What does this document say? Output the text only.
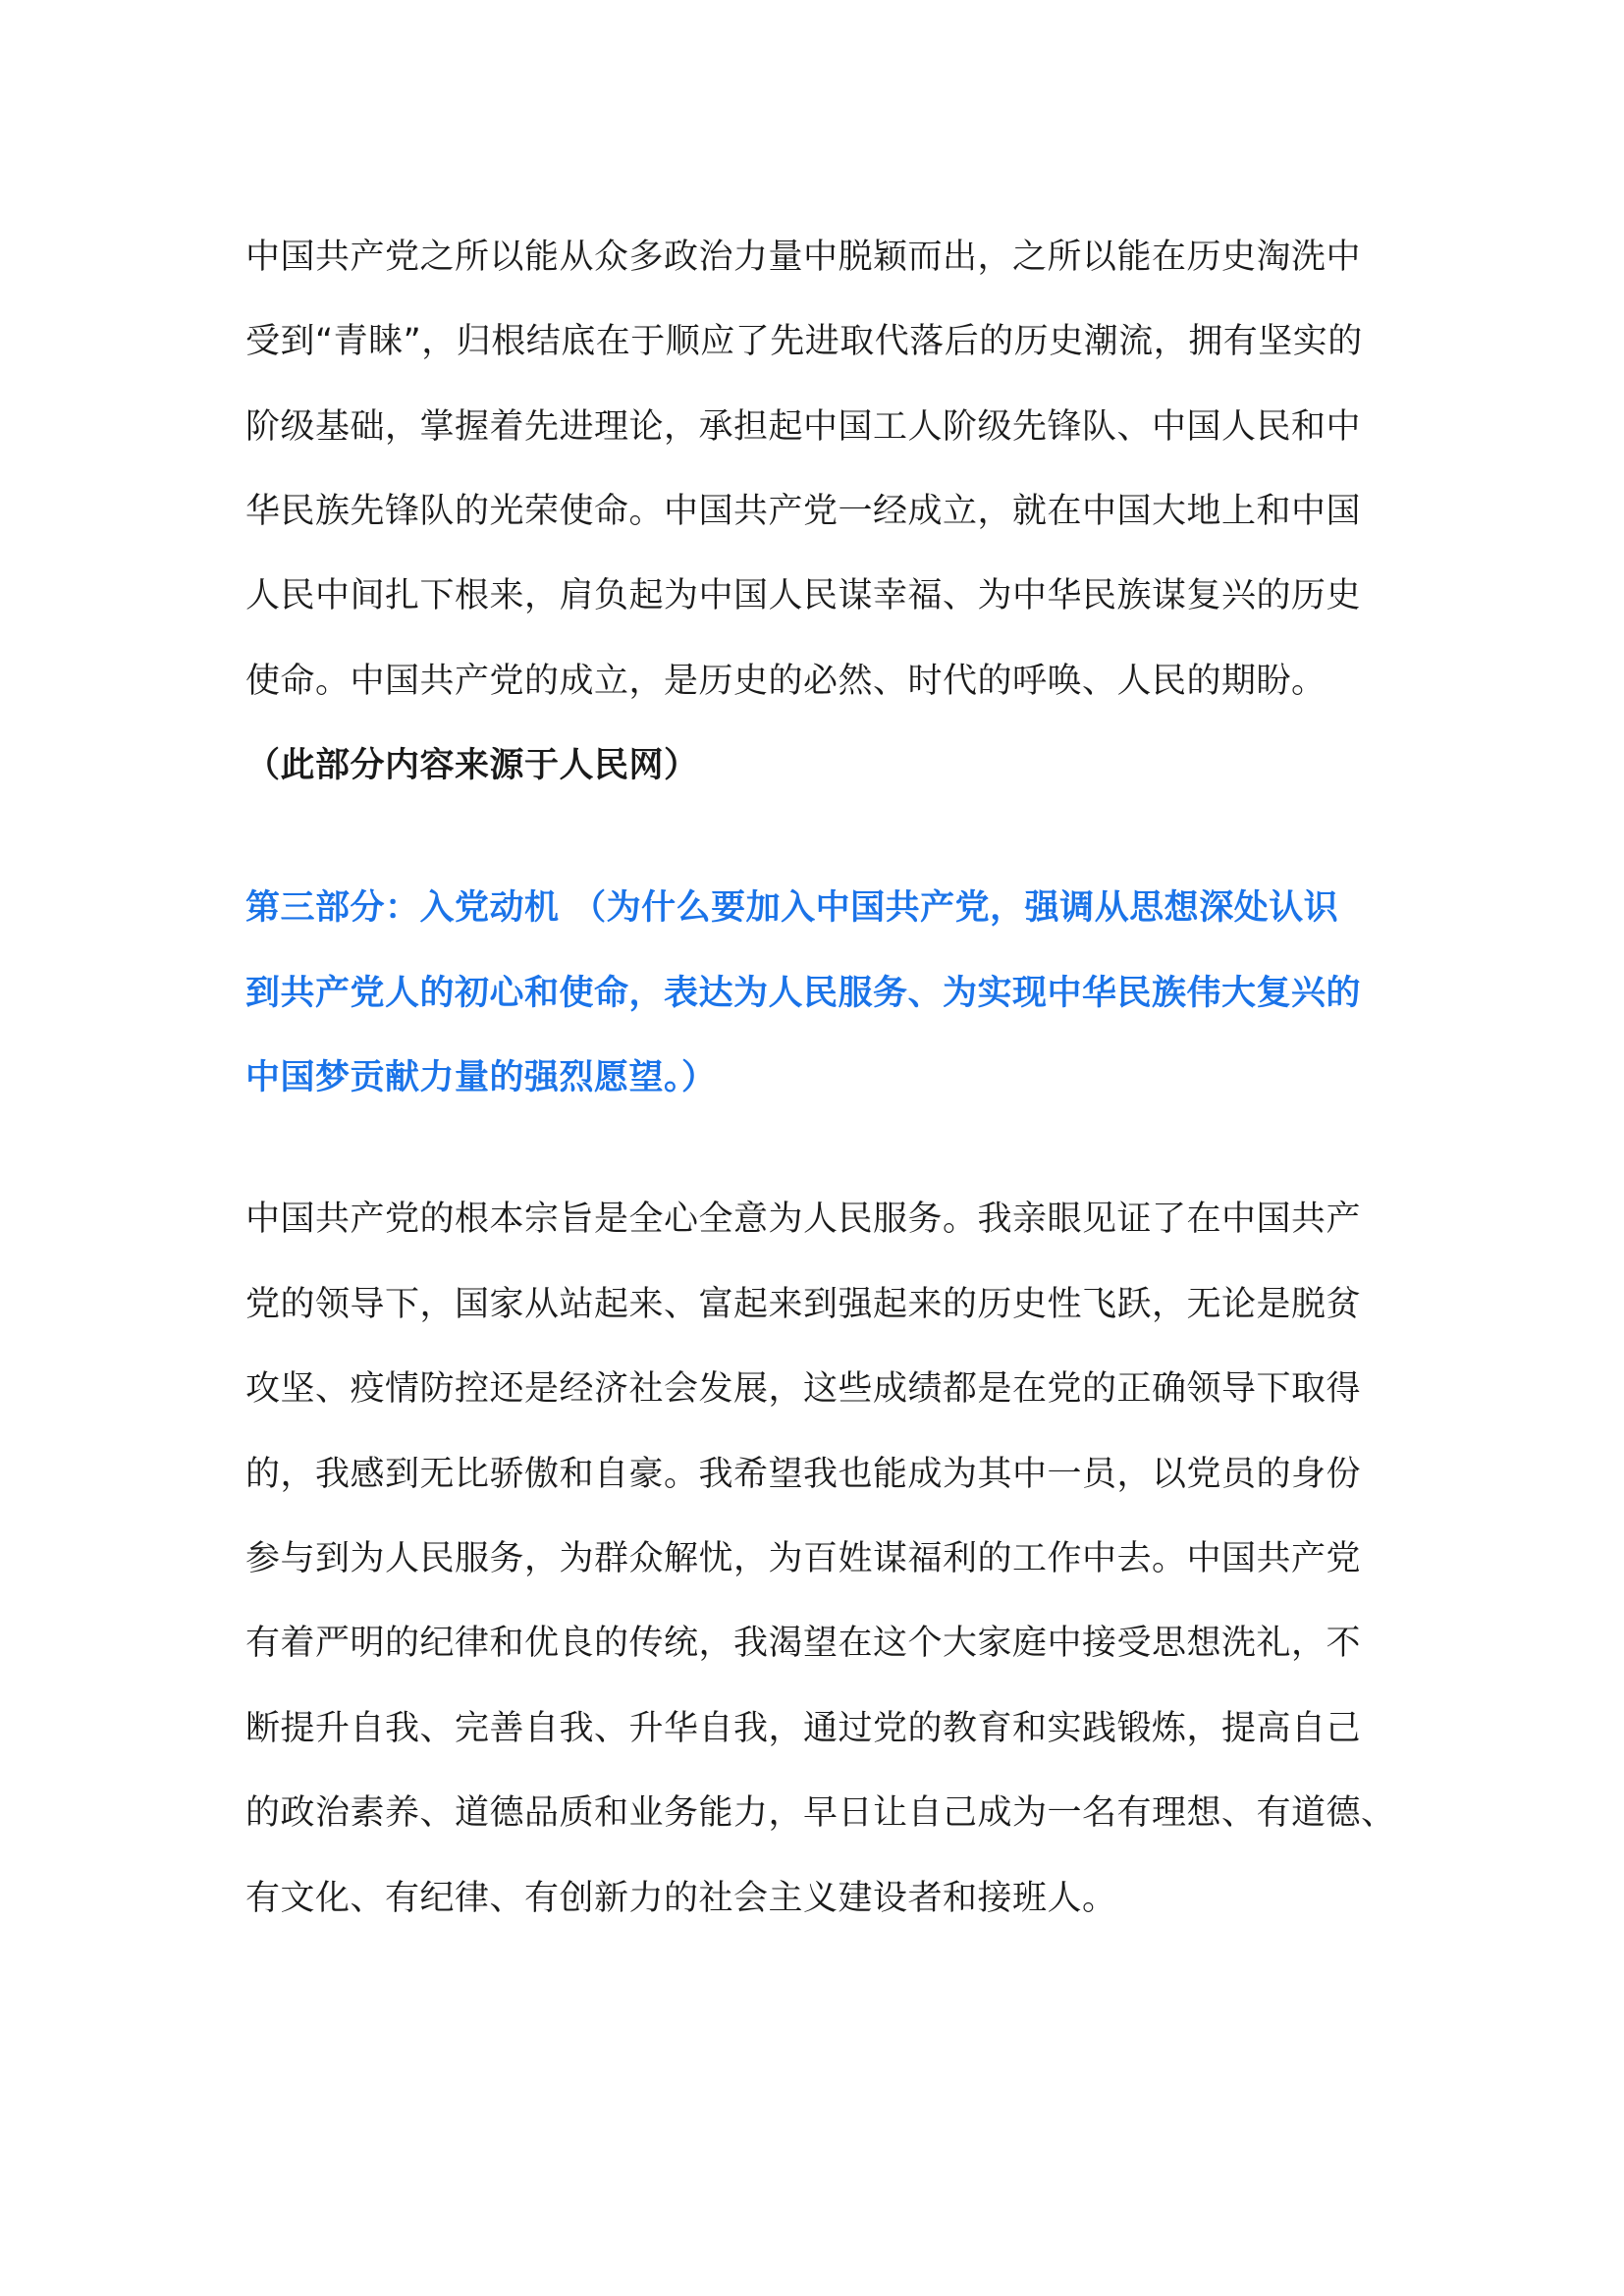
中国共产党之所以能从众多政治力量中脱颖而出，之所以能在历史淘洗中
受到“青睐”，归根结底在于顺应了先进取代落后的历史潮流，拥有坚实的
阶级基础，掌握着先进理论，承担起中国工人阶级先锋队、中国人民和中
华民族先锋队的光荣使命。中国共产党一经成立，就在中国大地上和中国
人民中间扎下根来，肩负起为中国人民谋幸福、为中华民族谋复兴的历史
使命。中国共产党的成立，是历史的必然、时代的呼唤、人民的期盼。
（此部分内容来源于人民网）
第三部分：入党动机 （为什么要加入中国共产党，强调从思想深处认识
到共产党人的初心和使命，表达为人民服务、为实现中华民族伟大复兴的
中国梦贡献力量的强烈愿望。）
中国共产党的根本宗旨是全心全意为人民服务。我亲眼见证了在中国共产
党的领导下，国家从站起来、富起来到强起来的历史性飞跃，无论是脱贫
攻坚、疫情防控还是经济社会发展，这些成绩都是在党的正确领导下取得
的，我感到无比骄傲和自豪。我希望我也能成为其中一员，以党员的身份
参与到为人民服务，为群众解忧，为百姓谋福利的工作中去。中国共产党
有着严明的纪律和优良的传统，我渴望在这个大家庭中接受思想洗礼，不
断提升自我、完善自我、升华自我，通过党的教育和实践锻炼，提高自己
的政治素养、道德品质和业务能力，早日让自己成为一名有理想、有道德、
有文化、有纪律、有创新力的社会主义建设者和接班人。
